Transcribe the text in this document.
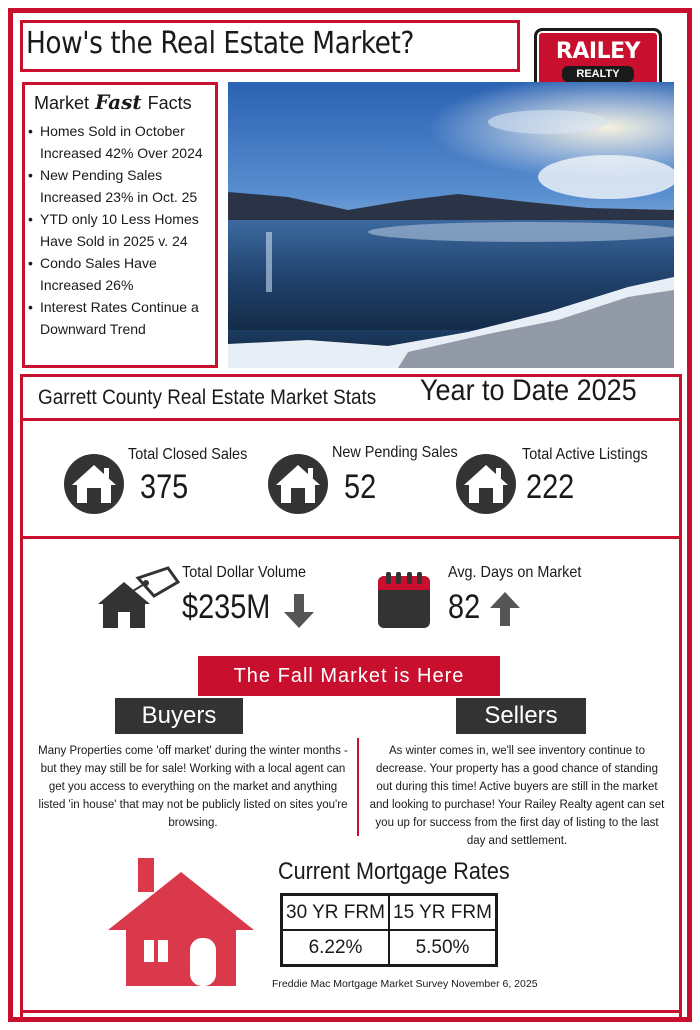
How's the Real Estate Market?	RAILEY
REALTY
Market Fast Facts
• Homes Sold in October Increased 42% Over 2024
• New Pending Sales Increased 23% in Oct. 25
• YTD only 10 Less Homes Have Sold in 2025 v. 24
• Condo Sales Have Increased 26%
• Interest Rates Continue a Downward Trend
Garrett County Real Estate Market Stats Year to Date 2025
Total Closed Sales
375
New Pending Sales
52
Total Active Listings
222
Total Dollar Volume
$235M
Avg. Days on Market
82
The Fall Market is Here
Buyers	Sellers
Many Properties come 'off market' during the winter months - but they may still be for sale! Working with a local agent can get you access to everything on the market and anything listed 'in house' that may not be publicly listed on sites you're browsing.
As winter comes in, we'll see inventory continue to decrease. Your property has a good chance of standing out during this time! Active buyers are still in the market and looking to purchase! Your Railey Realty agent can set you up for success from the first day of listing to the last day and settlement.
Current Mortgage Rates
30 YR FRM	15 YR FRM
6.22%	5.50%
Freddie Mac Mortgage Market Survey November 6, 2025
